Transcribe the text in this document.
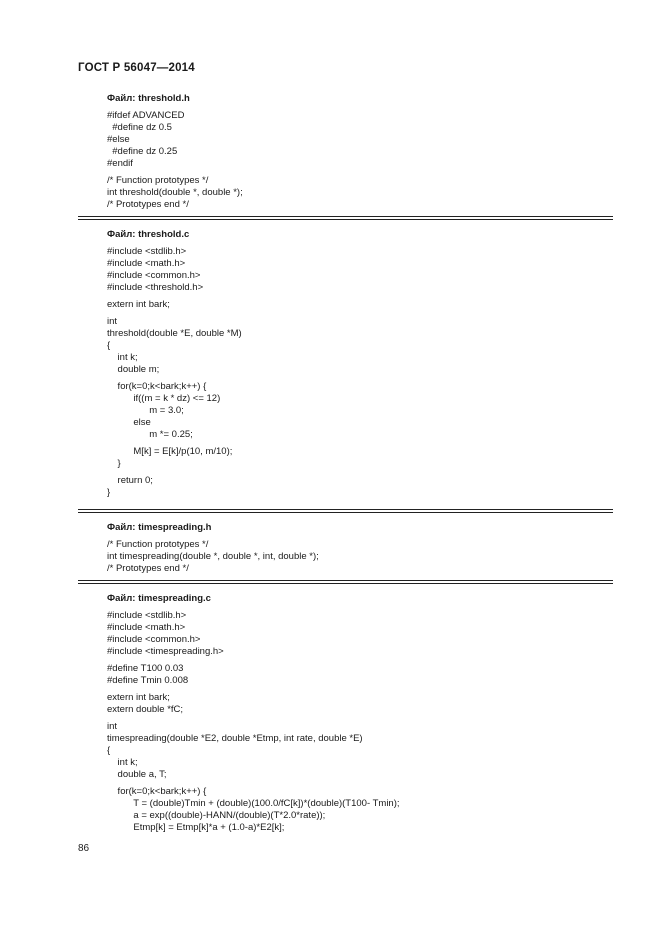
ГОСТ Р 56047—2014
Файл: threshold.h
#ifdef ADVANCED
#define dz 0.5
#else
#define dz 0.25
#endif
/* Function prototypes */
int threshold(double *, double *);
/* Prototypes end */
Файл: threshold.c
#include <stdlib.h>
#include <math.h>
#include <common.h>
#include <threshold.h>
extern int bark;
int
threshold(double *E, double *M)
{
int k;
double m;
for(k=0;k<bark;k++) {
if((m = k * dz) <= 12)
m = 3.0;
else
m *= 0.25;
M[k] = E[k]/p(10, m/10);
}
return 0;
}
Файл: timespreading.h
/* Function prototypes */
int timespreading(double *, double *, int, double *);
/* Prototypes end */
Файл: timespreading.c
#include <stdlib.h>
#include <math.h>
#include <common.h>
#include <timespreading.h>
#define T100 0.03
#define Tmin 0.008
extern int bark;
extern double *fC;
int
timespreading(double *E2, double *Etmp, int rate, double *E)
{
int k;
double a, T;
for(k=0;k<bark;k++) {
T = (double)Tmin + (double)(100.0/fC[k])*(double)(T100- Tmin);
a = exp((double)-HANN/(double)(T*2.0*rate));
Etmp[k] = Etmp[k]*a + (1.0-a)*E2[k];
86
